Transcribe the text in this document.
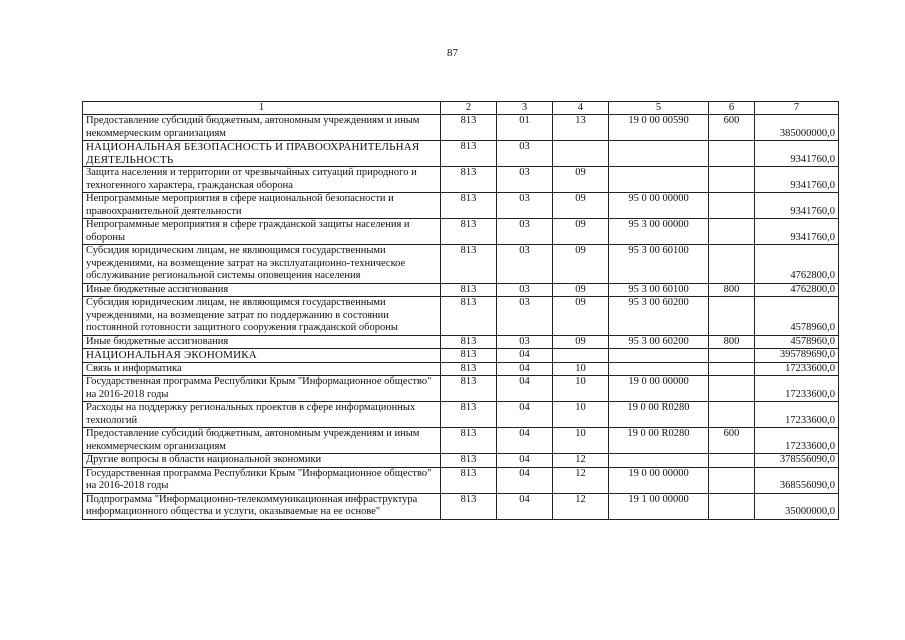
87
1	2	3	4	5	6	7
Предоставление субсидий бюджетным, автономным учреждениям и иным некоммерческим организациям	813	01	13	19 0 00 00590	600	385000000,0
НАЦИОНАЛЬНАЯ БЕЗОПАСНОСТЬ И ПРАВООХРАНИТЕЛЬНАЯ ДЕЯТЕЛЬНОСТЬ	813	03				9341760,0
Защита населения и территории от чрезвычайных ситуаций природного и техногенного характера, гражданская оборона	813	03	09			9341760,0
Непрограммные мероприятия в сфере национальной безопасности и правоохранительной деятельности	813	03	09	95 0 00 00000		9341760,0
Непрограммные мероприятия в сфере гражданской защиты населения и обороны	813	03	09	95 3 00 00000		9341760,0
Субсидия юридическим лицам, не являющимся государственными учреждениями, на возмещение затрат на эксплуатационно-техническое обслуживание региональной системы оповещения населения	813	03	09	95 3 00 60100		4762800,0
Иные бюджетные ассигнования	813	03	09	95 3 00 60100	800	4762800,0
Субсидия юридическим лицам, не являющимся государственными учреждениями, на возмещение затрат по поддержанию в состоянии постоянной готовности защитного сооружения гражданской обороны	813	03	09	95 3 00 60200		4578960,0
Иные бюджетные ассигнования	813	03	09	95 3 00 60200	800	4578960,0
НАЦИОНАЛЬНАЯ ЭКОНОМИКА	813	04				395789690,0
Связь и информатика	813	04	10			17233600,0
Государственная программа Республики Крым "Информационное общество" на 2016-2018 годы	813	04	10	19 0 00 00000		17233600,0
Расходы на поддержку региональных проектов в сфере информационных технологий	813	04	10	19 0 00 R0280		17233600,0
Предоставление субсидий бюджетным, автономным учреждениям и иным некоммерческим организациям	813	04	10	19 0 00 R0280	600	17233600,0
Другие вопросы в области национальной экономики	813	04	12			378556090,0
Государственная программа Республики Крым "Информационное общество" на 2016-2018 годы	813	04	12	19 0 00 00000		368556090,0
Подпрограмма "Информационно-телекоммуникационная инфраструктура информационного общества и услуги, оказываемые на ее основе"	813	04	12	19 1 00 00000		35000000,0
